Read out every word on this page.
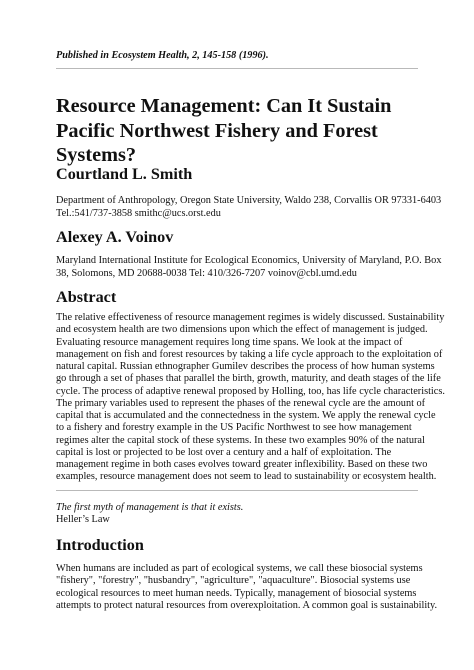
Published in Ecosystem Health, 2, 145-158 (1996).
Resource Management: Can It Sustain Pacific Northwest Fishery and Forest Systems?
Courtland L. Smith
Department of Anthropology, Oregon State University, Waldo 238, Corvallis OR 97331-6403
Tel.:541/737-3858 smithc@ucs.orst.edu
Alexey A. Voinov
Maryland International Institute for Ecological Economics, University of Maryland, P.O. Box
38, Solomons, MD 20688-0038 Tel: 410/326-7207 voinov@cbl.umd.edu
Abstract
The relative effectiveness of resource management regimes is widely discussed. Sustainability
and ecosystem health are two dimensions upon which the effect of management is judged.
Evaluating resource management requires long time spans. We look at the impact of
management on fish and forest resources by taking a life cycle approach to the exploitation of
natural capital. Russian ethnographer Gumilev describes the process of how human systems
go through a set of phases that parallel the birth, growth, maturity, and death stages of the life
cycle. The process of adaptive renewal proposed by Holling, too, has life cycle characteristics.
The primary variables used to represent the phases of the renewal cycle are the amount of
capital that is accumulated and the connectedness in the system. We apply the renewal cycle
to a fishery and forestry example in the US Pacific Northwest to see how management
regimes alter the capital stock of these systems. In these two examples 90% of the natural
capital is lost or projected to be lost over a century and a half of exploitation. The
management regime in both cases evolves toward greater inflexibility. Based on these two
examples, resource management does not seem to lead to sustainability or ecosystem health.
The first myth of management is that it exists.
Heller’s Law
Introduction
When humans are included as part of ecological systems, we call these biosocial systems
"fishery", "forestry", "husbandry", "agriculture", "aquaculture". Biosocial systems use
ecological resources to meet human needs. Typically, management of biosocial systems
attempts to protect natural resources from overexploitation. A common goal is sustainability.
